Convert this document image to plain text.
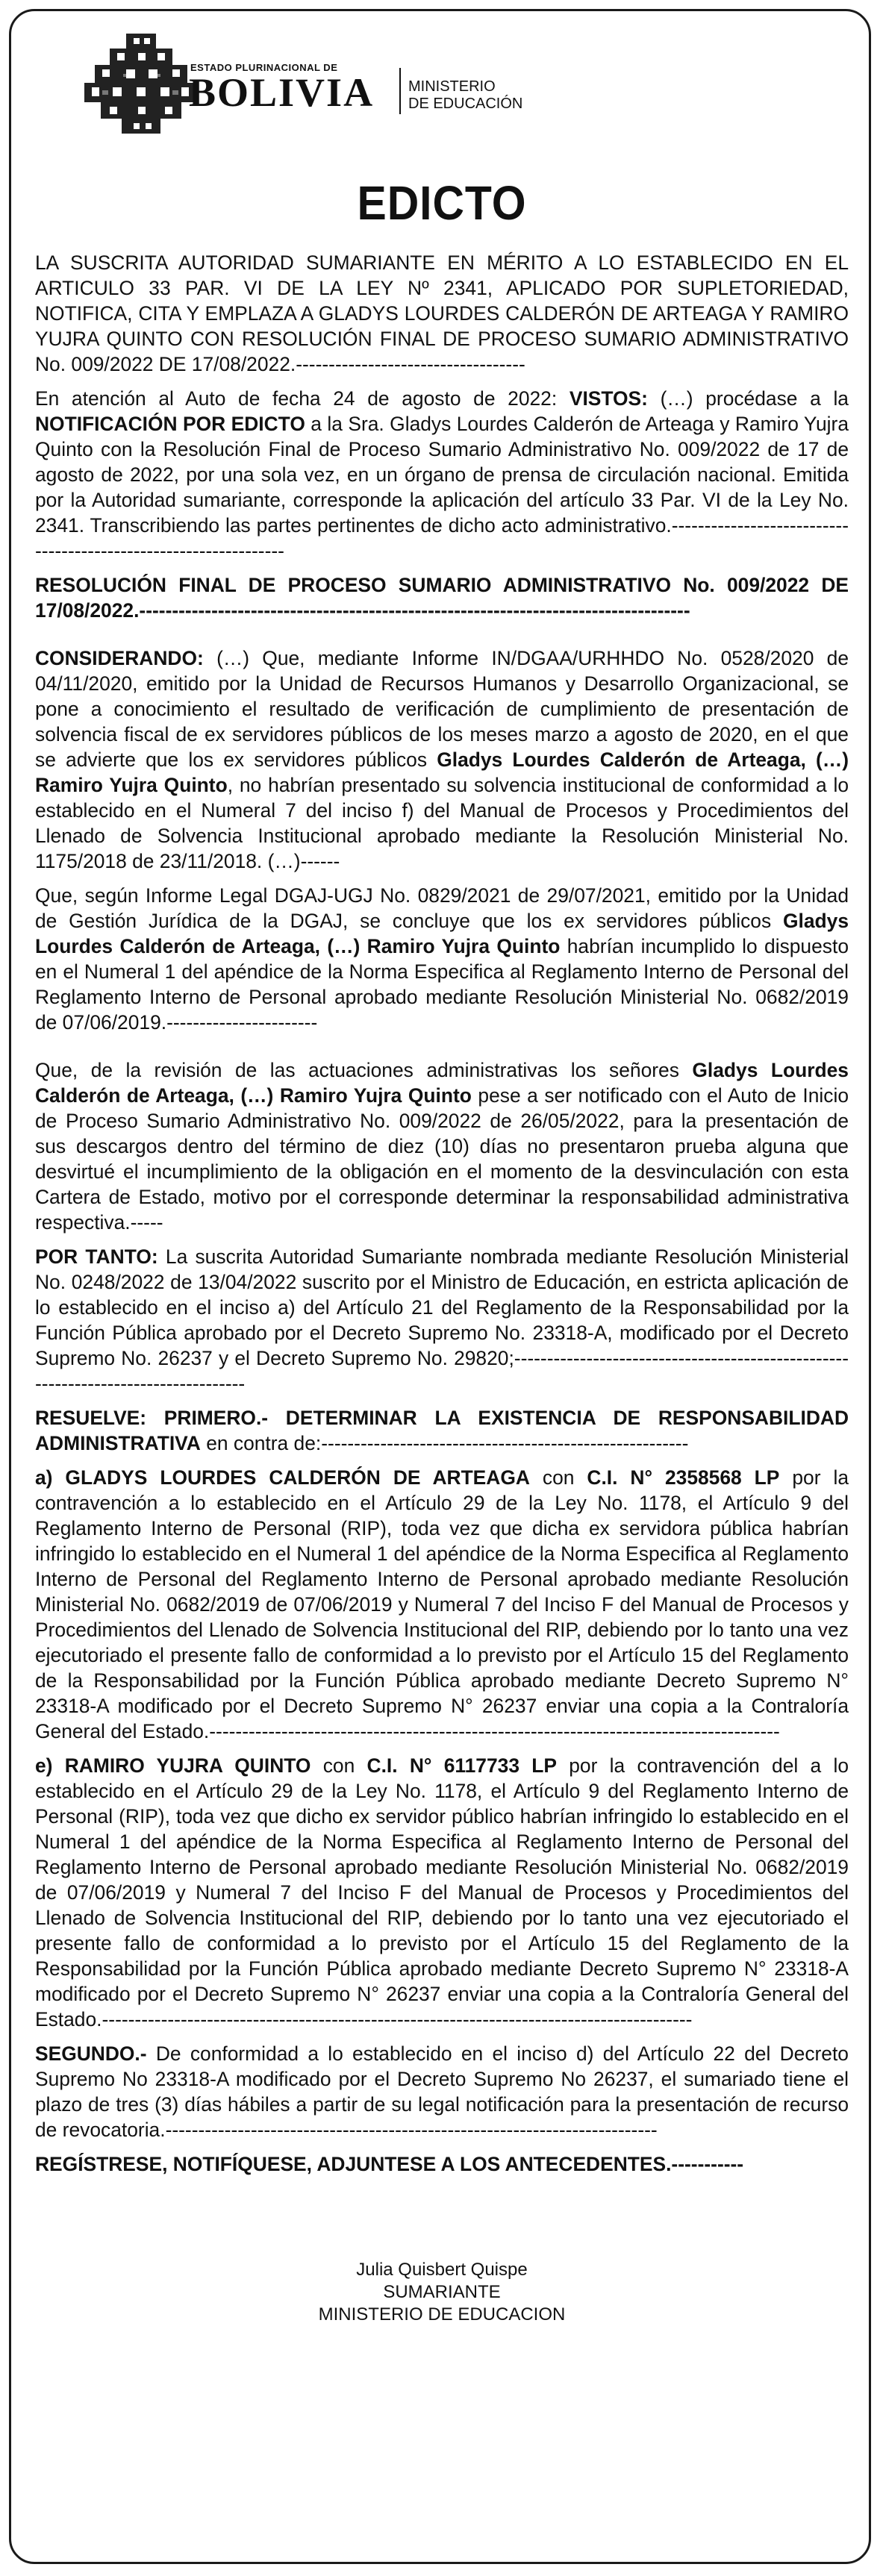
ESTADO PLURINACIONAL DE
BOLIVIA MINISTERIO
DE EDUCACIÓN
EDICTO

LA SUSCRITA AUTORIDAD SUMARIANTE EN MÉRITO A LO ESTABLECIDO EN EL ARTICULO 33 PAR. VI DE LA LEY Nº 2341, APLICADO POR SUPLETORIEDAD, NOTIFICA, CITA Y EMPLAZA A GLADYS LOURDES CALDERÓN DE ARTEAGA Y RAMIRO YUJRA QUINTO CON RESOLUCIÓN FINAL DE PROCESO SUMARIO ADMINISTRATIVO No. 009/2022 DE 17/08/2022.-----------------------------------

En atención al Auto de fecha 24 de agosto de 2022: VISTOS: (…) procédase a la NOTIFICACIÓN POR EDICTO a la Sra. Gladys Lourdes Calderón de Arteaga y Ramiro Yujra Quinto con la Resolución Final de Proceso Sumario Administrativo No. 009/2022 de 17 de agosto de 2022, por una sola vez, en un órgano de prensa de circulación nacional. Emitida por la Autoridad sumariante, corresponde la aplicación del artículo 33 Par. VI de la Ley No. 2341. Transcribiendo las partes pertinentes de dicho acto administrativo.-----------------------------------------------------------------

RESOLUCIÓN FINAL DE PROCESO SUMARIO ADMINISTRATIVO No. 009/2022 DE 17/08/2022.------------------------------------------------------------------------------------

CONSIDERANDO: (…) Que, mediante Informe IN/DGAA/URHHDO No. 0528/2020 de 04/11/2020, emitido por la Unidad de Recursos Humanos y Desarrollo Organizacional, se pone a conocimiento el resultado de verificación de cumplimiento de presentación de solvencia fiscal de ex servidores públicos de los meses marzo a agosto de 2020, en el que se advierte que los ex servidores públicos Gladys Lourdes Calderón de Arteaga, (…) Ramiro Yujra Quinto, no habrían presentado su solvencia institucional de conformidad a lo establecido en el Numeral 7 del inciso f) del Manual de Procesos y Procedimientos del Llenado de Solvencia Institucional aprobado mediante la Resolución Ministerial No. 1175/2018 de 23/11/2018. (…)------

Que, según Informe Legal DGAJ-UGJ No. 0829/2021 de 29/07/2021, emitido por la Unidad de Gestión Jurídica de la DGAJ, se concluye que los ex servidores públicos Gladys Lourdes Calderón de Arteaga, (…) Ramiro Yujra Quinto habrían incumplido lo dispuesto en el Numeral 1 del apéndice de la Norma Especifica al Reglamento Interno de Personal del Reglamento Interno de Personal aprobado mediante Resolución Ministerial No. 0682/2019 de 07/06/2019.-----------------------

Que, de la revisión de las actuaciones administrativas los señores Gladys Lourdes Calderón de Arteaga, (…) Ramiro Yujra Quinto pese a ser notificado con el Auto de Inicio de Proceso Sumario Administrativo No. 009/2022 de 26/05/2022, para la presentación de sus descargos dentro del término de diez (10) días no presentaron prueba alguna que desvirtué el incumplimiento de la obligación en el momento de la desvinculación con esta Cartera de Estado, motivo por el corresponde determinar la responsabilidad administrativa respectiva.-----

POR TANTO: La suscrita Autoridad Sumariante nombrada mediante Resolución Ministerial No. 0248/2022 de 13/04/2022 suscrito por el Ministro de Educación, en estricta aplicación de lo establecido en el inciso a) del Artículo 21 del Reglamento de la Responsabilidad por la Función Pública aprobado por el Decreto Supremo No. 23318-A, modificado por el Decreto Supremo No. 26237 y el Decreto Supremo No. 29820;-----------------------------------------------------------------------------------

RESUELVE: PRIMERO.- DETERMINAR LA EXISTENCIA DE RESPONSABILIDAD ADMINISTRATIVA en contra de:--------------------------------------------------------

a) GLADYS LOURDES CALDERÓN DE ARTEAGA con C.I. N° 2358568 LP por la contravención a lo establecido en el Artículo 29 de la Ley No. 1178, el Artículo 9 del Reglamento Interno de Personal (RIP), toda vez que dicha ex servidora pública habrían infringido lo establecido en el Numeral 1 del apéndice de la Norma Especifica al Reglamento Interno de Personal del Reglamento Interno de Personal aprobado mediante Resolución Ministerial No. 0682/2019 de 07/06/2019 y Numeral 7 del Inciso F del Manual de Procesos y Procedimientos del Llenado de Solvencia Institucional del RIP, debiendo por lo tanto una vez ejecutoriado el presente fallo de conformidad a lo previsto por el Artículo 15 del Reglamento de la Responsabilidad por la Función Pública aprobado mediante Decreto Supremo N° 23318-A modificado por el Decreto Supremo N° 26237 enviar una copia a la Contraloría General del Estado.---------------------------------------------------------------------------------------

e) RAMIRO YUJRA QUINTO con C.I. N° 6117733 LP por la contravención del a lo establecido en el Artículo 29 de la Ley No. 1178, el Artículo 9 del Reglamento Interno de Personal (RIP), toda vez que dicho ex servidor público habrían infringido lo establecido en el Numeral 1 del apéndice de la Norma Especifica al Reglamento Interno de Personal del Reglamento Interno de Personal aprobado mediante Resolución Ministerial No. 0682/2019 de 07/06/2019 y Numeral 7 del Inciso F del Manual de Procesos y Procedimientos del Llenado de Solvencia Institucional del RIP, debiendo por lo tanto una vez ejecutoriado el presente fallo de conformidad a lo previsto por el Artículo 15 del Reglamento de la Responsabilidad por la Función Pública aprobado mediante Decreto Supremo N° 23318-A modificado por el Decreto Supremo N° 26237 enviar una copia a la Contraloría General del Estado.------------------------------------------------------------------------------------------

SEGUNDO.- De conformidad a lo establecido en el inciso d) del Artículo 22 del Decreto Supremo No 23318-A modificado por el Decreto Supremo No 26237, el sumariado tiene el plazo de tres (3) días hábiles a partir de su legal notificación para la presentación de recurso de revocatoria.---------------------------------------------------------------------------

REGÍSTRESE, NOTIFÍQUESE, ADJUNTESE A LOS ANTECEDENTES.-----------

Julia Quisbert Quispe
SUMARIANTE
MINISTERIO DE EDUCACION
